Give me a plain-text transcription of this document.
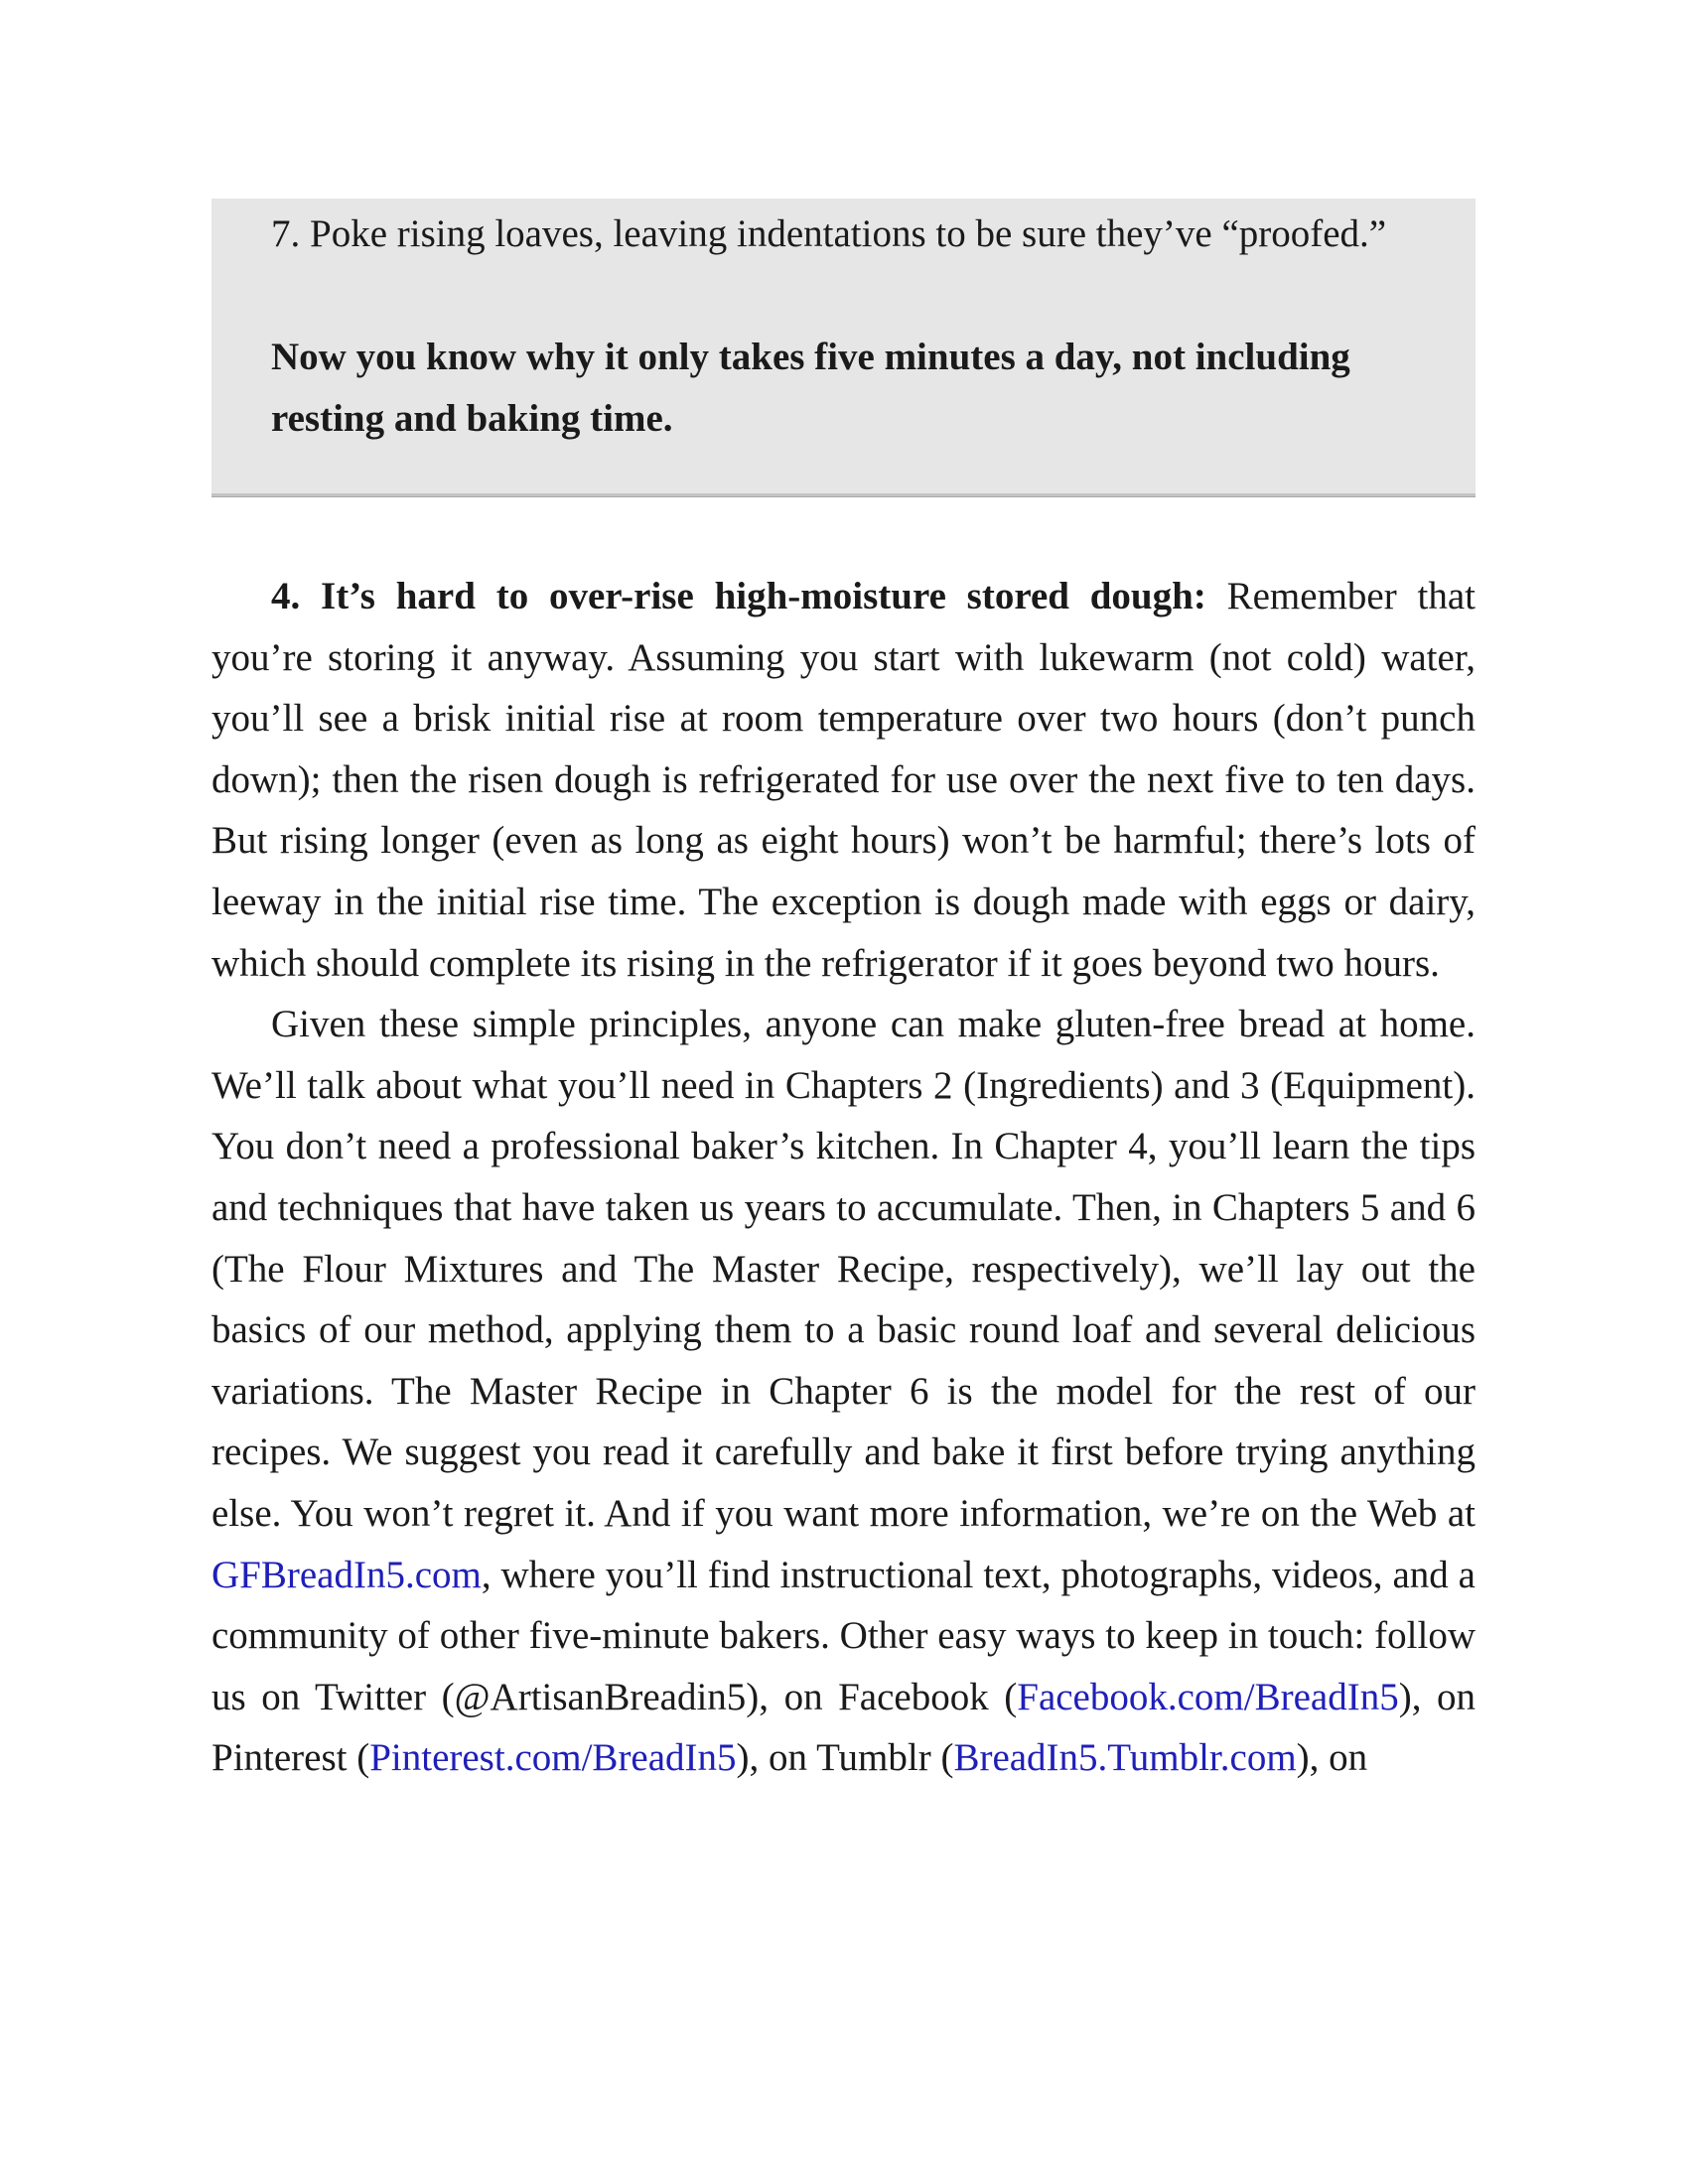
7. Poke rising loaves, leaving indentations to be sure they’ve “proofed.”

Now you know why it only takes five minutes a day, not including resting and baking time.

4. It’s hard to over-rise high-moisture stored dough: Remember that you’re storing it anyway. Assuming you start with lukewarm (not cold) water, you’ll see a brisk initial rise at room temperature over two hours (don’t punch down); then the risen dough is refrigerated for use over the next five to ten days. But rising longer (even as long as eight hours) won’t be harmful; there’s lots of leeway in the initial rise time. The exception is dough made with eggs or dairy, which should complete its rising in the refrigerator if it goes beyond two hours.

Given these simple principles, anyone can make gluten-free bread at home. We’ll talk about what you’ll need in Chapters 2 (Ingredients) and 3 (Equipment). You don’t need a professional baker’s kitchen. In Chapter 4, you’ll learn the tips and techniques that have taken us years to accumulate. Then, in Chapters 5 and 6 (The Flour Mixtures and The Master Recipe, respectively), we’ll lay out the basics of our method, applying them to a basic round loaf and several delicious variations. The Master Recipe in Chapter 6 is the model for the rest of our recipes. We suggest you read it carefully and bake it first before trying anything else. You won’t regret it. And if you want more information, we’re on the Web at GFBreadIn5.com, where you’ll find instructional text, photographs, videos, and a community of other five-minute bakers. Other easy ways to keep in touch: follow us on Twitter (@ArtisanBreadin5), on Facebook (Facebook.com/BreadIn5), on Pinterest (Pinterest.com/BreadIn5), on Tumblr (BreadIn5.Tumblr.com), on
